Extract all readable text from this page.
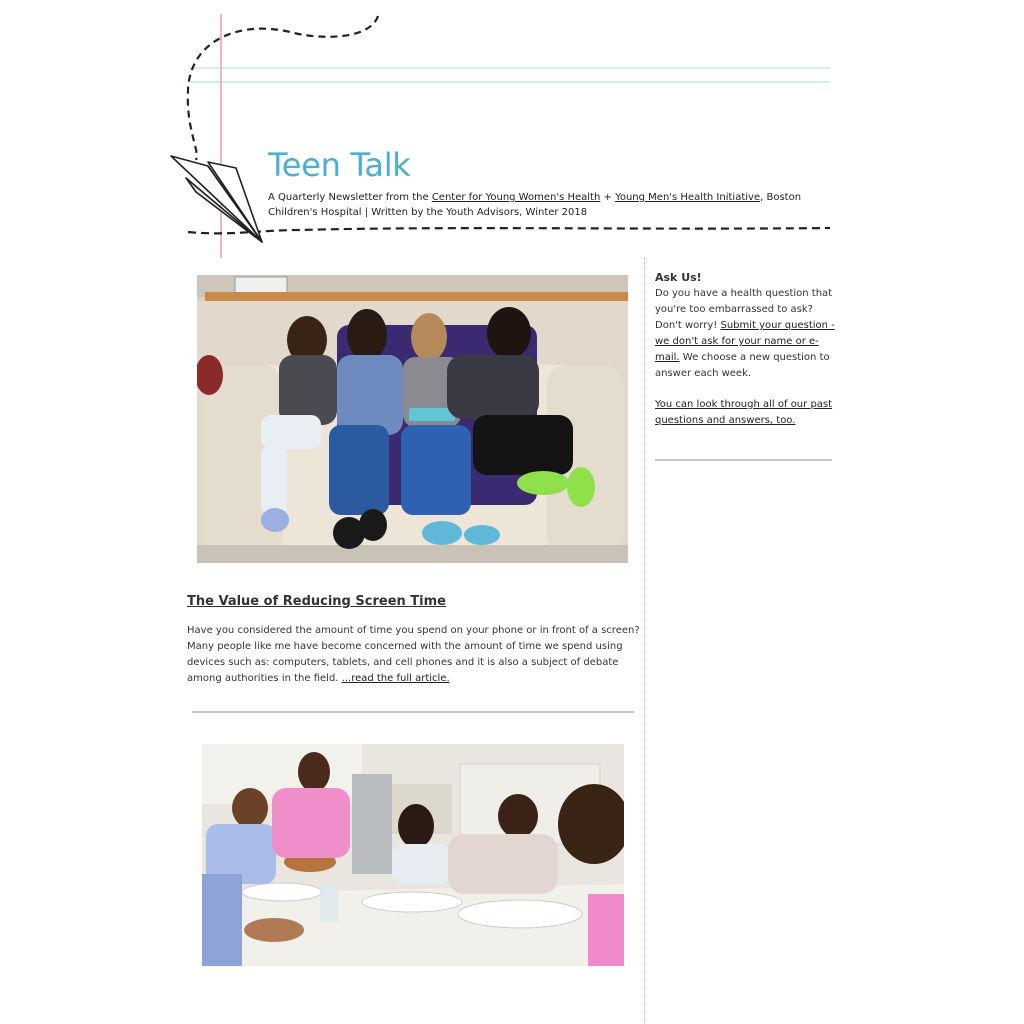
Teen Talk
A Quarterly Newsletter from the Center for Young Women's Health + Young Men's Health Initiative, Boston Children's Hospital | Written by the Youth Advisors, Winter 2018
The Value of Reducing Screen Time

Have you considered the amount of time you spend on your phone or in front of a screen? Many people like me have become concerned with the amount of time we spend using devices such as: computers, tablets, and cell phones and it is also a subject of debate among authorities in the field. ...read the full article.

Ask Us!

Do you have a health question that you're too embarrassed to ask? Don't worry! Submit your question - we don't ask for your name or e-mail. We choose a new question to answer each week.

You can look through all of our past questions and answers, too.
